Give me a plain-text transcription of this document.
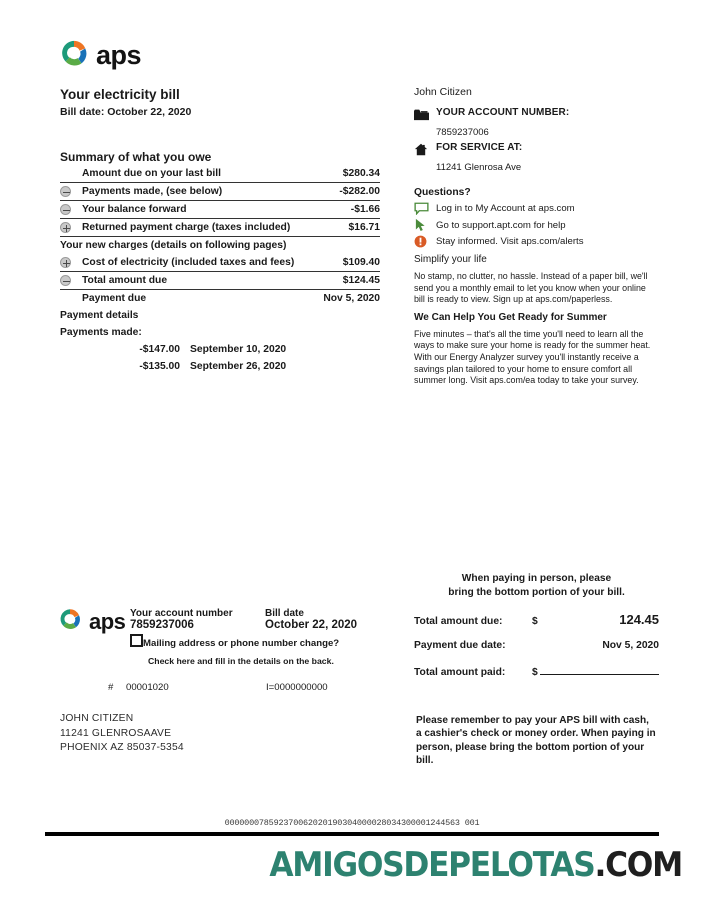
aps
Your electricity bill
Bill date: October 22, 2020
Summary of what you owe
Amount due on your last bill	$280.34
Payments made, (see below)	-$282.00
Your balance forward	-$1.66
Returned payment charge (taxes included)	$16.71
Your new charges (details on following pages)
Cost of electricity (included taxes and fees)	$109.40
Total amount due	$124.45
Payment due	Nov 5, 2020
Payment details
Payments made:
-$147.00 September 10, 2020
-$135.00 September 26, 2020
John Citizen
YOUR ACCOUNT NUMBER:
7859237006
FOR SERVICE AT:
11241 Glenrosa Ave
Questions?
Log in to My Account at aps.com
Go to support.apt.com for help
Stay informed. Visit aps.com/alerts
Simplify your life
No stamp, no clutter, no hassle. Instead of a paper bill, we'll send you a monthly email to let you know when your online bill is ready to view. Sign up at aps.com/paperless.
We Can Help You Get Ready for Summer
Five minutes – that's all the time you'll need to learn all the ways to make sure your home is ready for the summer heat. With our Energy Analyzer survey you'll instantly receive a savings plan tailored to your home to ensure comfort all summer long. Visit aps.com/ea today to take your survey.
aps Your account number
7859237006
Bill date
October 22, 2020
Mailing address or phone number change?
Check here and fill in the details on the back.
#	00001020	I=0000000000
JOHN CITIZEN
11241 GLENROSAAVE
PHOENIX AZ 85037-5354
When paying in person, please
bring the bottom portion of your bill.
Total amount due:	$	124.45
Payment due date:	Nov 5, 2020
Total amount paid:	$
Please remember to pay your APS bill with cash, a cashier's check or money order. When paying in person, please bring the bottom portion of your bill.
000000078592370062020190304000028034300001244563 001
AMIGOSDEPELOTAS.COM
